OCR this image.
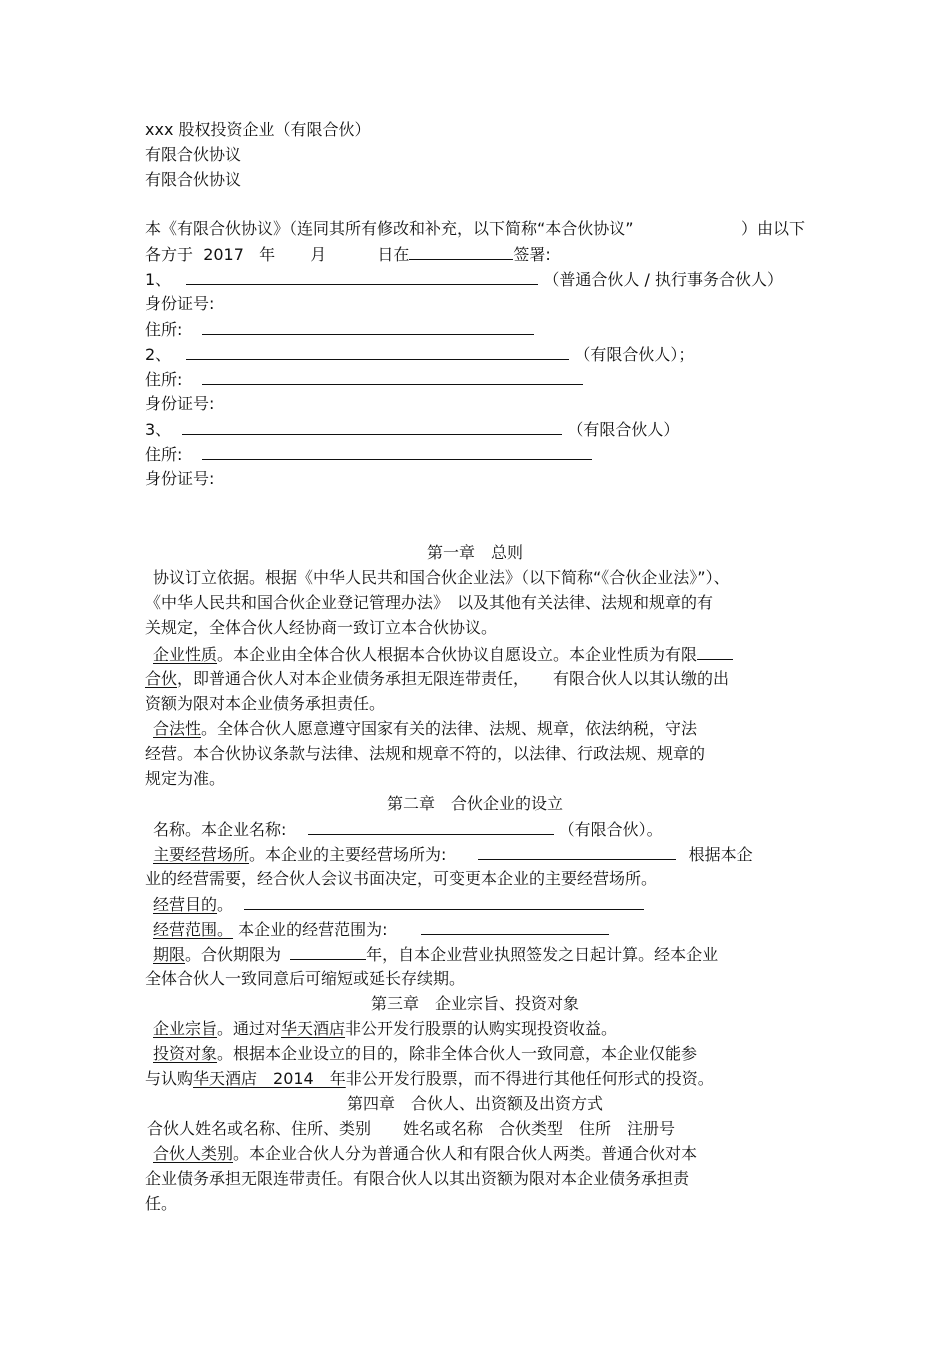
xxx 股权投资企业（有限合伙）
有限合伙协议
有限合伙协议
本《有限合伙协议》（连同其所有修改和补充，以下简称“本合伙协议”	）由以下
各方于 2017 年 月	日在	签署:
1、	（普通合伙人 / 执行事务合伙人）
身份证号:
住所:
2、	（有限合伙人）；
住所:
身份证号:
3、	（有限合伙人）
住所:
身份证号:
第一章　总则
协议订立依据。根据《中华人民共和国合伙企业法》（以下简称“《合伙企业法》”）、
《中华人民共和国合伙企业登记管理办法》　以及其他有关法律、法规和规章的有
关规定，全体合伙人经协商一致订立本合伙协议。
企业性质。本企业由全体合伙人根据本合伙协议自愿设立。本企业性质为有限
合伙，即普通合伙人对本企业债务承担无限连带责任，　　有限合伙人以其认缴的出
资额为限对本企业债务承担责任。
合法性。全体合伙人愿意遵守国家有关的法律、法规、规章，依法纳税，守法
经营。本合伙协议条款与法律、法规和规章不符的，以法律、行政法规、规章的
规定为准。
第二章　合伙企业的设立
名称。本企业名称:	（有限合伙）。
主要经营场所。本企业的主要经营场所为:	根据本企
业的经营需要，经合伙人会议书面决定，可变更本企业的主要经营场所。
经营目的。
经营范围。 本企业的经营范围为:
期限。合伙期限为	年，自本企业营业执照签发之日起计算。经本企业
全体合伙人一致同意后可缩短或延长存续期。
第三章　企业宗旨、投资对象
企业宗旨。通过对华天酒店非公开发行股票的认购实现投资收益。
投资对象。根据本企业设立的目的，除非全体合伙人一致同意，本企业仅能参
与认购华天酒店　2014　年非公开发行股票，而不得进行其他任何形式的投资。
第四章　合伙人、出资额及出资方式
合伙人姓名或名称、住所、类别　　姓名或名称　合伙类型　住所　注册号
合伙人类别。本企业合伙人分为普通合伙人和有限合伙人两类。普通合伙对本
企业债务承担无限连带责任。有限合伙人以其出资额为限对本企业债务承担责
任。
